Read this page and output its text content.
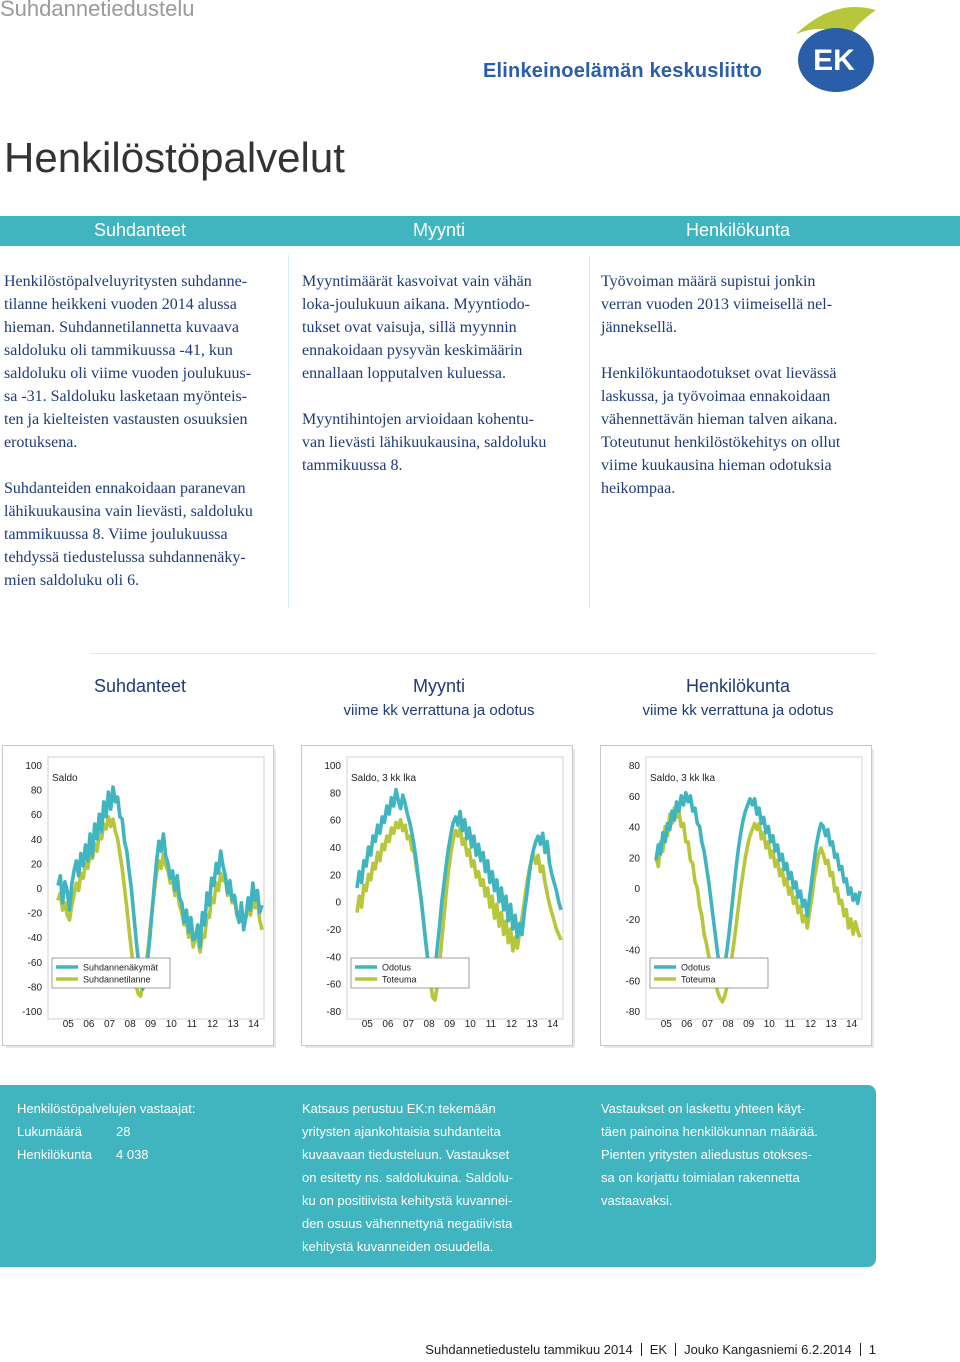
Suhdannetiedustelu
Elinkeinoelämän keskusliitto EK
Henkilöstöpalvelut
Suhdanteet	Myynti	Henkilökunta

Henkilöstöpalveluyritysten suhdanne-
tilanne heikkeni vuoden 2014 alussa
hieman. Suhdannetilannetta kuvaava
saldoluku oli tammikuussa -41, kun
saldoluku oli viime vuoden joulukuus-
sa -31. Saldoluku lasketaan myönteis-
ten ja kielteisten vastausten osuuksien
erotuksena.

Suhdanteiden ennakoidaan paranevan
lähikuukausina vain lievästi, saldoluku
tammikuussa 8. Viime joulukuussa
tehdyssä tiedustelussa suhdannenäky-
mien saldoluku oli 6.

Myyntimäärät kasvoivat vain vähän
loka-joulukuun aikana. Myyntiodo-
tukset ovat vaisuja, sillä myynnin
ennakoidaan pysyvän keskimäärin
ennallaan lopputalven kuluessa.

Myyntihintojen arvioidaan kohentu-
van lievästi lähikuukausina, saldoluku
tammikuussa 8.

Työvoiman määrä supistui jonkin
verran vuoden 2013 viimeisellä nel-
jänneksellä.

Henkilökuntaodotukset ovat lievässä
laskussa, ja työvoimaa ennakoidaan
vähennettävän hieman talven aikana.
Toteutunut henkilöstökehitys on ollut
viime kuukausina hieman odotuksia
heikompaa.

Suhdanteet	Myynti
viime kk verrattuna ja odotus
Henkilökunta
viime kk verrattuna ja odotus
100
80
60
40
20
0
-20
-40
-60
-80
-100
05 06 07 08 09 10 11 12 13 14
Saldo
Suhdannenäkymät
Suhdannetilanne
100
80
60
40
20
0
-20
-40
-60
-80
05 06 07 08 09 10 11 12 13 14
Saldo, 3 kk lka
Odotus
Toteuma
80
60
40
20
0
-20
-40
-60
-80
05 06 07 08 09 10 11 12 13 14
Saldo, 3 kk lka
Odotus
Toteuma
Henkilöstöpalvelujen vastaajat:
Lukumäärä	28
Henkilökunta 4 038
Katsaus perustuu EK:n tekemään
yritysten ajankohtaisia suhdanteita
kuvaavaan tiedusteluun. Vastaukset
on esitetty ns. saldolukuina. Saldolu-
ku on positiivista kehitystä kuvannei-
den osuus vähennettynä negatiivista
kehitystä kuvanneiden osuudella.
Vastaukset on laskettu yhteen käyt-
täen painoina henkilökunnan määrää.
Pienten yritysten aliedustus otokses-
sa on korjattu toimialan rakennetta
vastaavaksi.
Suhdannetiedustelu tammikuu 2014 EK Jouko Kangasniemi 6.2.2014 1
